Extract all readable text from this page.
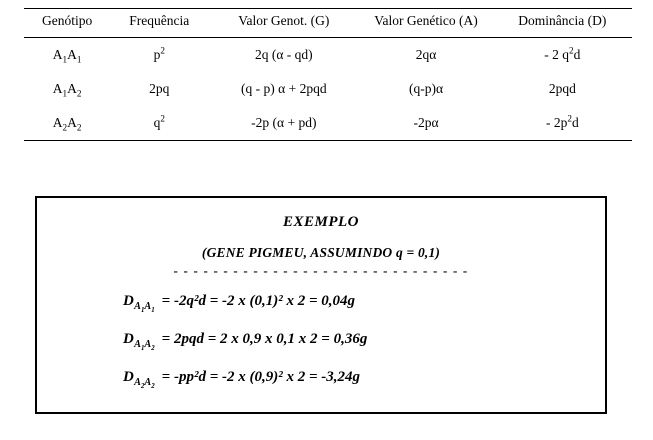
Genótipo	Frequência	Valor Genot. (G)	Valor Genético (A)	Dominância (D)
$A_1A_1$	$p^2$	2q (α - qd)	2qα	- 2 $q^2d$
$A_1A_2$	2pq	(q - p) α + 2pqd	(q-p)α	2pqd
$A_2A_2$	$q^2$	-2p (α + pd)	-2pα	- $2p^2d$
EXEMPLO
(GENE PIGMEU, ASSUMINDO q = 0,1)
- - - - - - - - - - - - - - - - - - - - - - - - - - - - - -
$D_{A_1A_1}= -2q^2d = -2$ x (0,1)² x 2 = 0,04g
$D_{A_1A_2}= 2pqd = 2$ x 0,9 x 0,1 x 2 = 0,36g
$D_{A_2A_2}= -pp^2d = -2$ x (0,9)² x 2 = -3,24g
